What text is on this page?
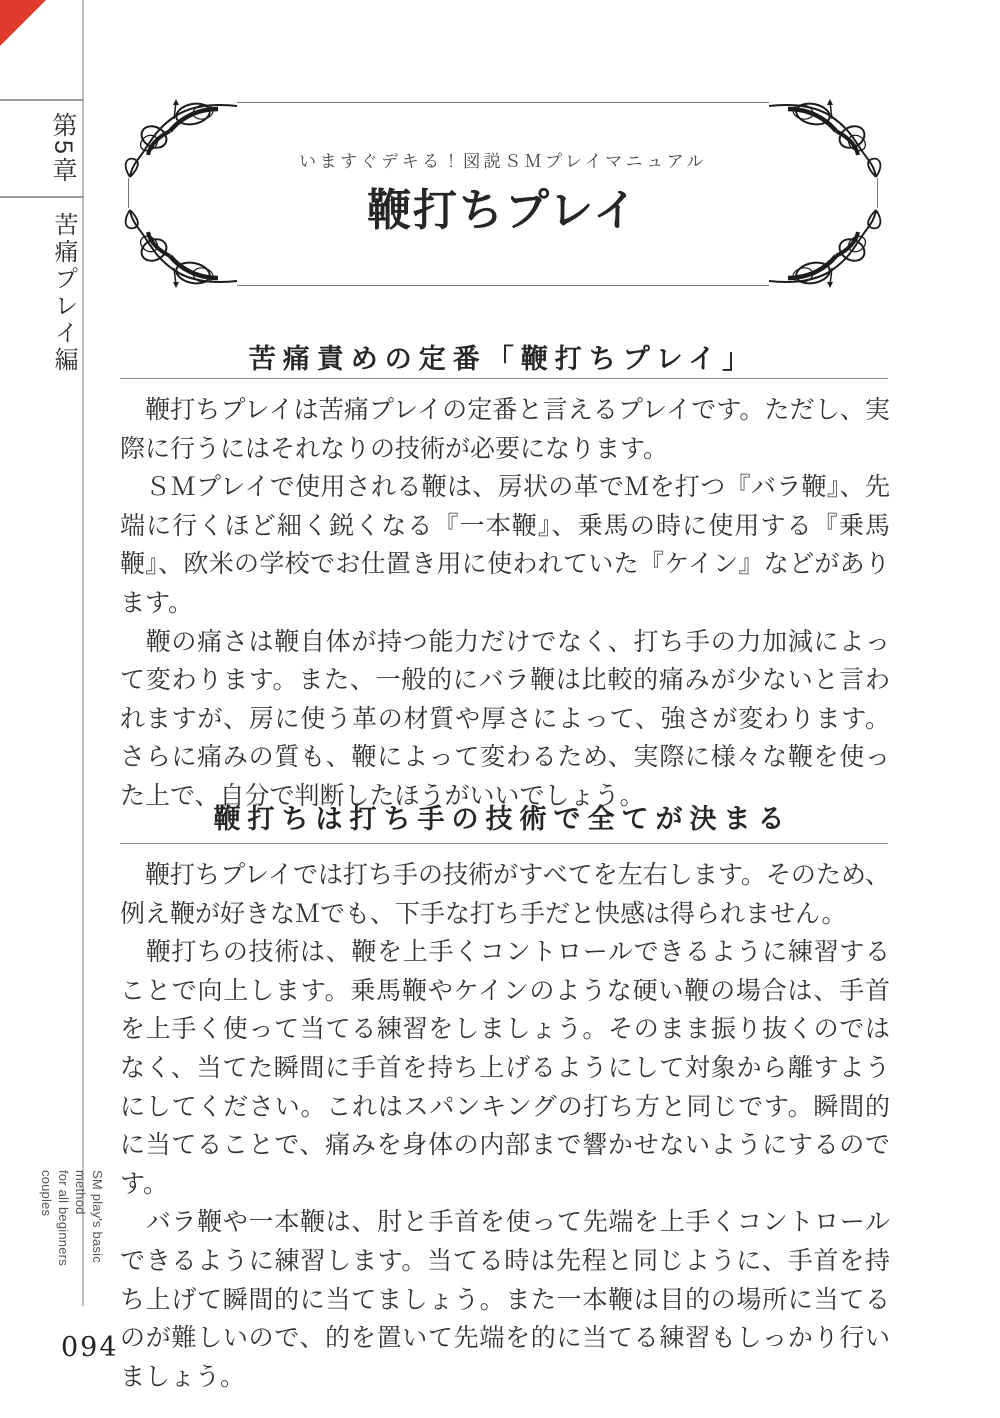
第5章
苦痛プレイ編
SM play's basic method
for all beginners couples
094
いますぐデキる！図説ＳＭプレイマニュアル
鞭打ちプレイ
苦痛責めの定番「鞭打ちプレイ」

　鞭打ちプレイは苦痛プレイの定番と言えるプレイです。ただし、実際に行うにはそれなりの技術が必要になります。

　ＳＭプレイで使用される鞭は、房状の革でＭを打つ『バラ鞭』、先端に行くほど細く鋭くなる『一本鞭』、乗馬の時に使用する『乗馬鞭』、欧米の学校でお仕置き用に使われていた『ケイン』などがあります。

　鞭の痛さは鞭自体が持つ能力だけでなく、打ち手の力加減によって変わります。また、一般的にバラ鞭は比較的痛みが少ないと言われますが、房に使う革の材質や厚さによって、強さが変わります。さらに痛みの質も、鞭によって変わるため、実際に様々な鞭を使った上で、自分で判断したほうがいいでしょう。

鞭打ちは打ち手の技術で全てが決まる

　鞭打ちプレイでは打ち手の技術がすべてを左右します。そのため、例え鞭が好きなＭでも、下手な打ち手だと快感は得られません。

　鞭打ちの技術は、鞭を上手くコントロールできるように練習することで向上します。乗馬鞭やケインのような硬い鞭の場合は、手首を上手く使って当てる練習をしましょう。そのまま振り抜くのではなく、当てた瞬間に手首を持ち上げるようにして対象から離すようにしてください。これはスパンキングの打ち方と同じです。瞬間的に当てることで、痛みを身体の内部まで響かせないようにするのです。

　バラ鞭や一本鞭は、肘と手首を使って先端を上手くコントロールできるように練習します。当てる時は先程と同じように、手首を持ち上げて瞬間的に当てましょう。また一本鞭は目的の場所に当てるのが難しいので、的を置いて先端を的に当てる練習もしっかり行いましょう。
